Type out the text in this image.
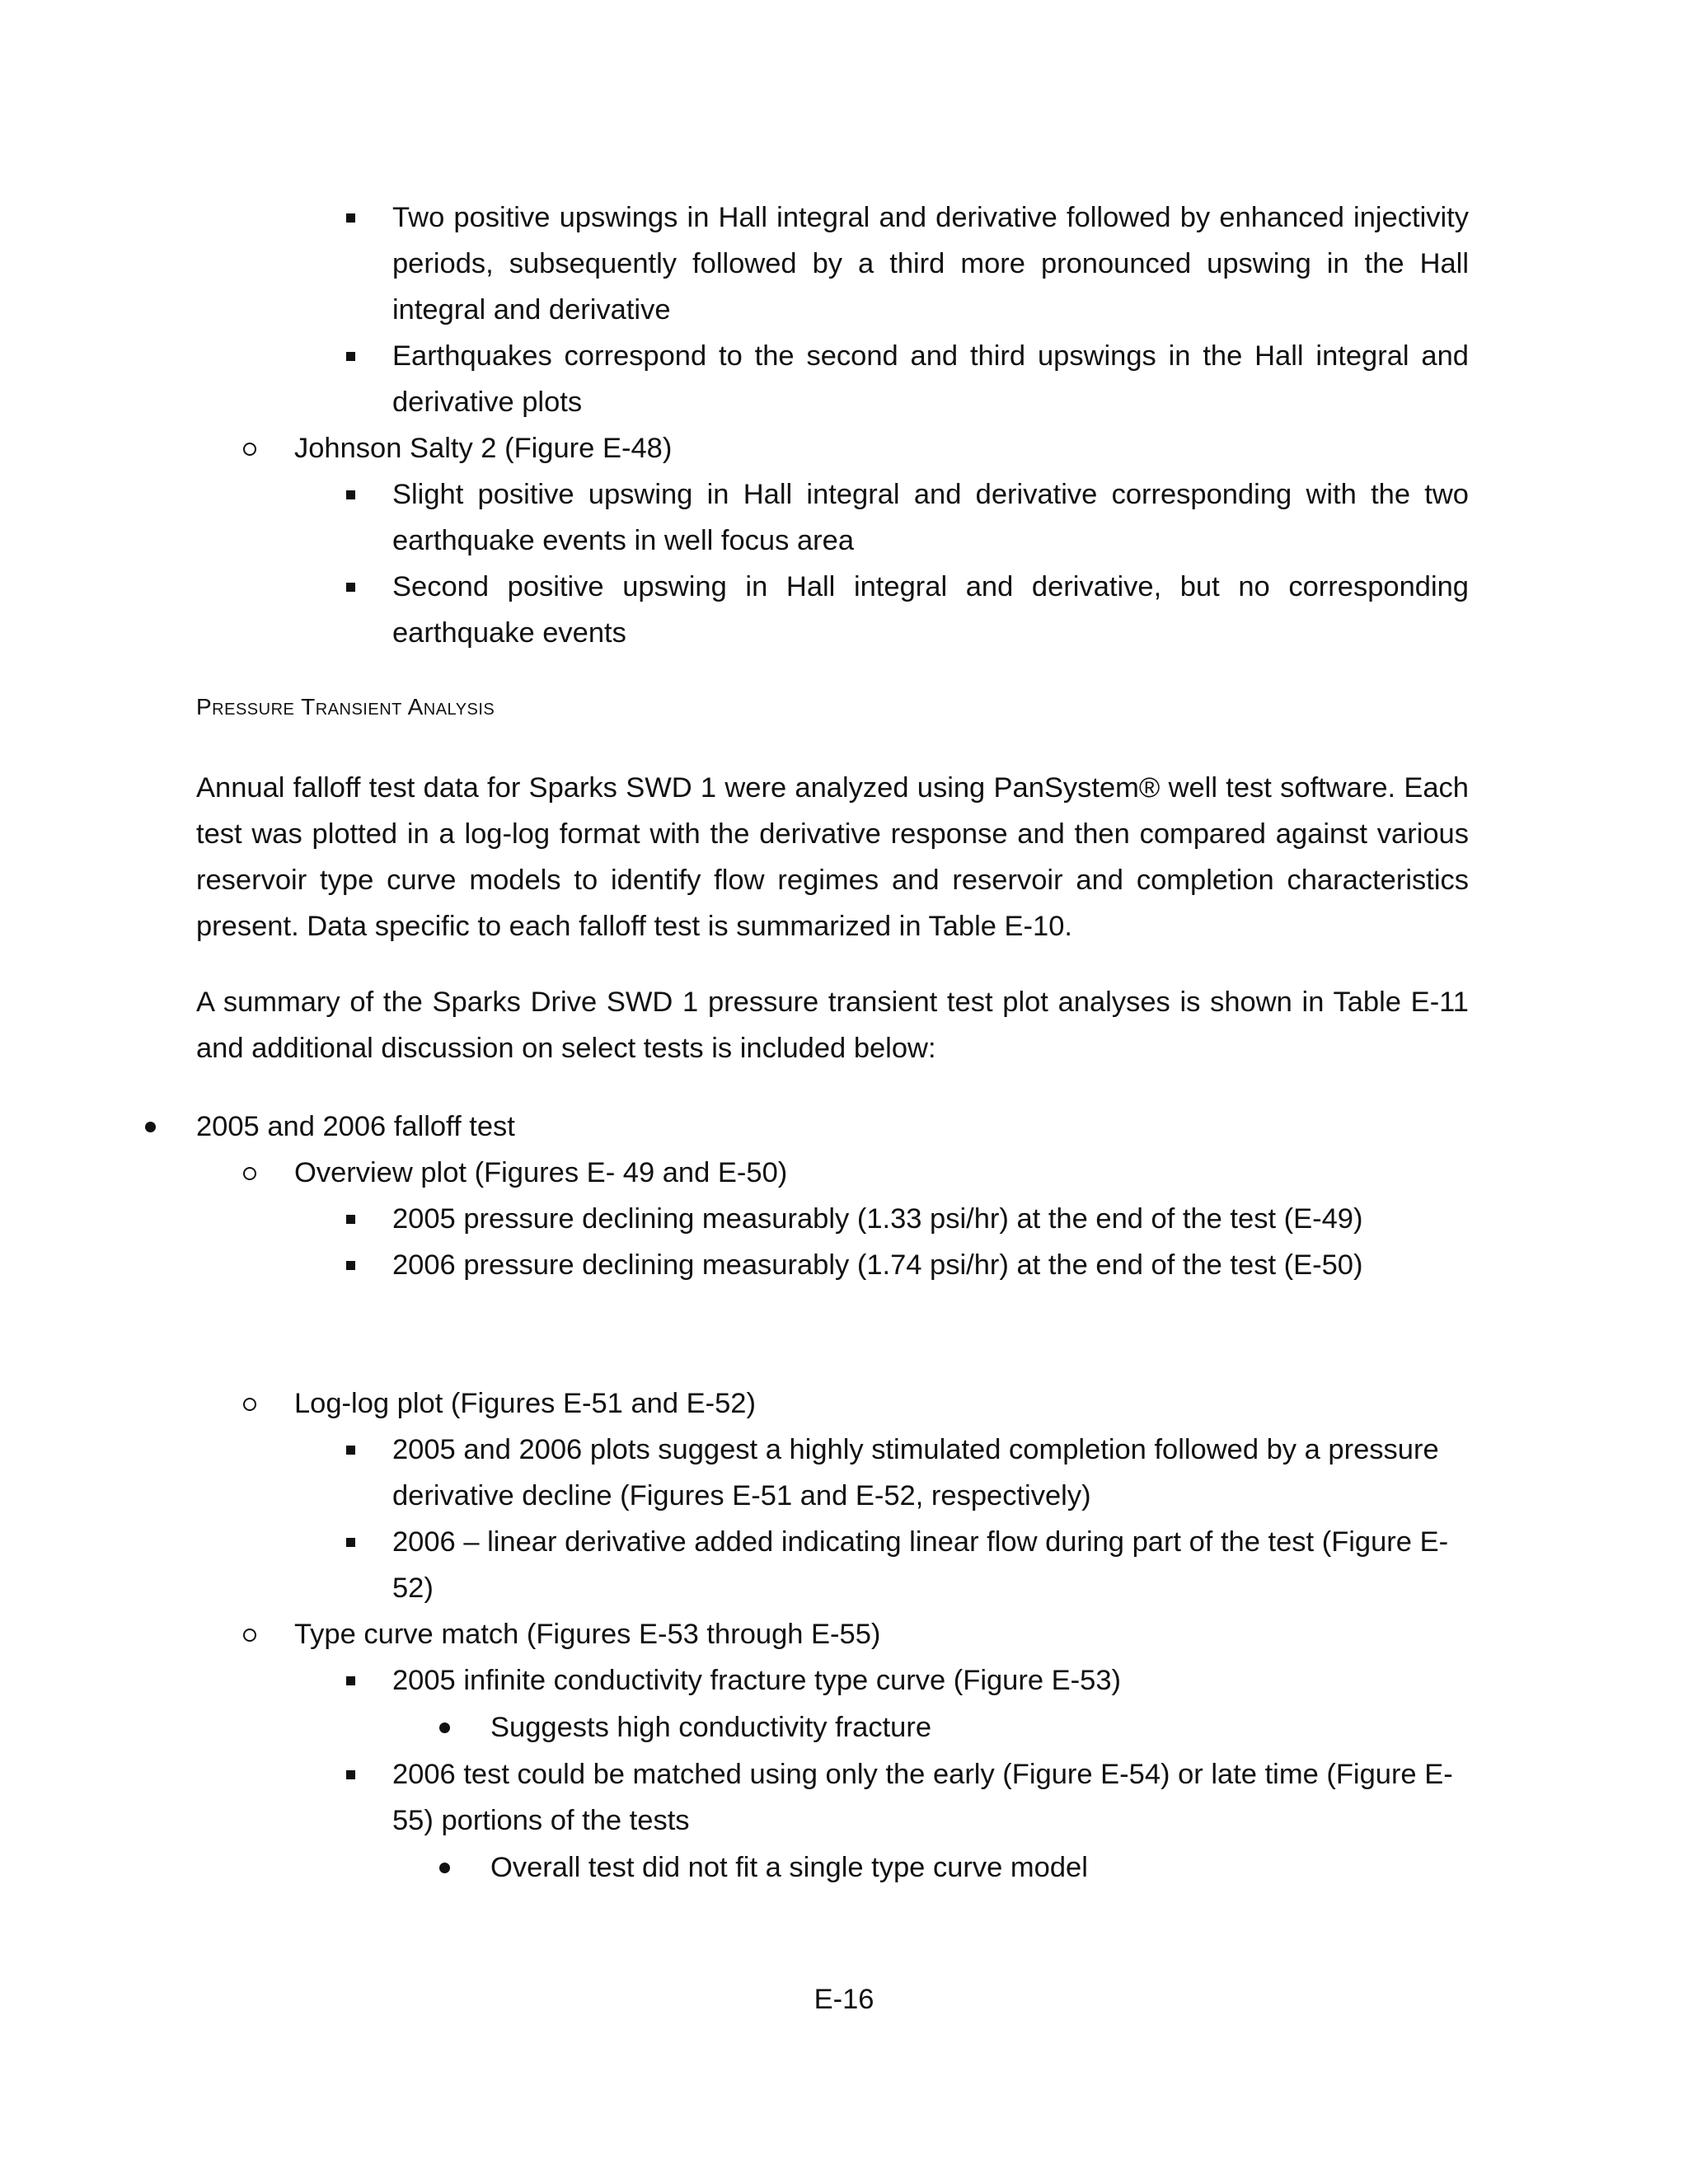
Two positive upswings in Hall integral and derivative followed by enhanced injectivity periods, subsequently followed by a third more pronounced upswing in the Hall integral and derivative
Earthquakes correspond to the second and third upswings in the Hall integral and derivative plots
Johnson Salty 2 (Figure E-48)
Slight positive upswing in Hall integral and derivative corresponding with the two earthquake events in well focus area
Second positive upswing in Hall integral and derivative, but no corresponding earthquake events
Pressure Transient Analysis
Annual falloff test data for Sparks SWD 1 were analyzed using PanSystem® well test software. Each test was plotted in a log-log format with the derivative response and then compared against various reservoir type curve models to identify flow regimes and reservoir and completion characteristics present. Data specific to each falloff test is summarized in Table E-10.
A summary of the Sparks Drive SWD 1 pressure transient test plot analyses is shown in Table E-11 and additional discussion on select tests is included below:
2005 and 2006 falloff test
Overview plot (Figures E- 49 and E-50)
2005 pressure declining measurably (1.33 psi/hr) at the end of the test (E-49)
2006 pressure declining measurably (1.74 psi/hr) at the end of the test (E-50)
Log-log plot (Figures E-51 and E-52)
2005 and 2006 plots suggest a highly stimulated completion followed by a pressure derivative decline (Figures E-51 and E-52, respectively)
2006 – linear derivative added indicating linear flow during part of the test (Figure E-52)
Type curve match (Figures E-53 through E-55)
2005 infinite conductivity fracture type curve (Figure E-53)
Suggests high conductivity fracture
2006 test could be matched using only the early (Figure E-54) or late time (Figure E-55) portions of the tests
Overall test did not fit a single type curve model
E-16
